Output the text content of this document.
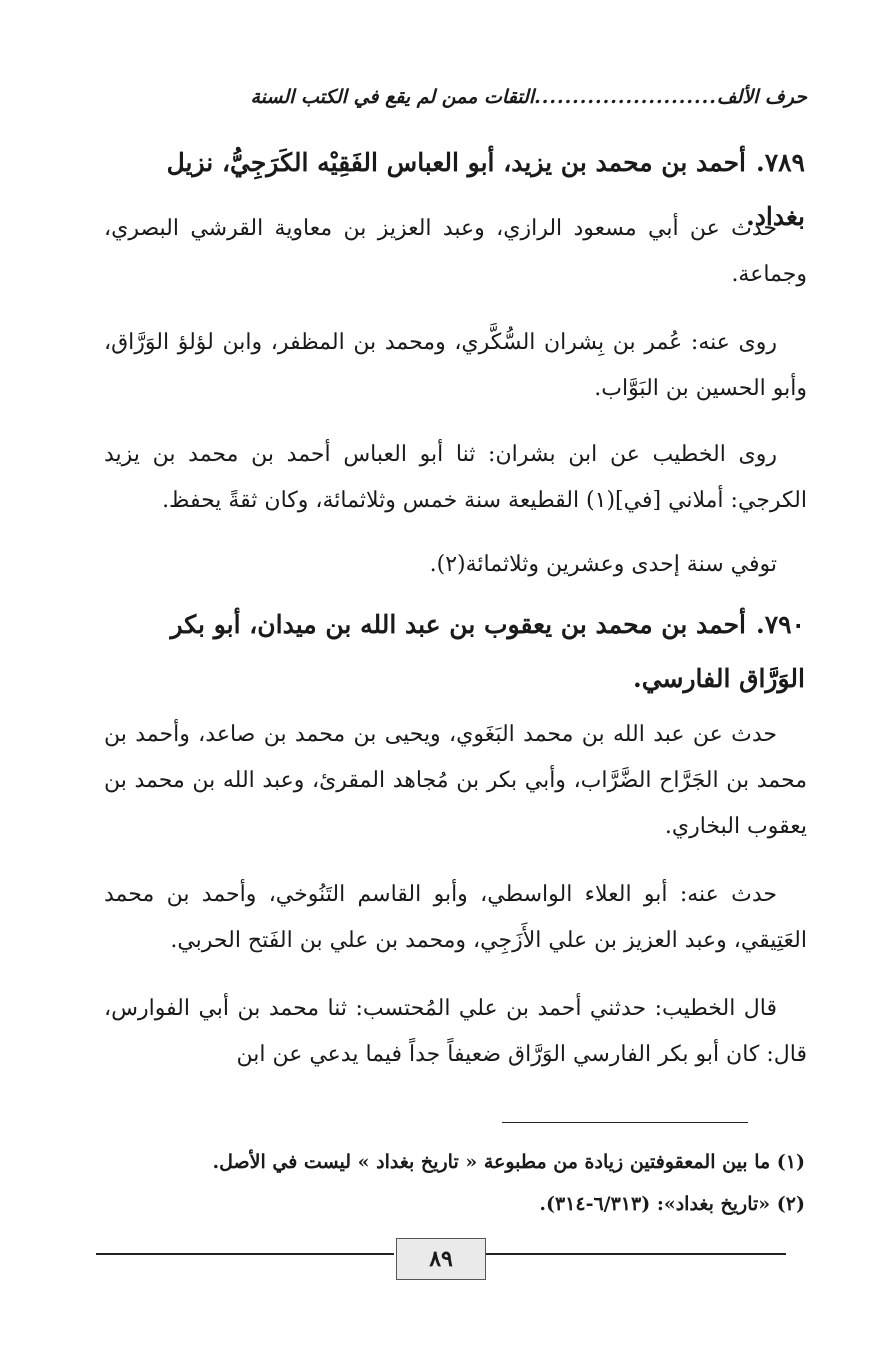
حرف الألف
........................
التقات ممن لم يقع في الكتب السنة
٧٨٩.أحمد بن محمد بن يزيد، أبو العباس الفَقِيْه الكَرَجِيُّ، نزيل بغداد.
حدث عن أبي مسعود الرازي، وعبد العزيز بن معاوية القرشي البصري، وجماعة.
روى عنه: عُمر بن بِشران السُّكَّري، ومحمد بن المظفر، وابن لؤلؤ الوَرَّاق، وأبو الحسين بن البَوَّاب.
روى الخطيب عن ابن بشران: ثنا أبو العباس أحمد بن محمد بن يزيد الكرجي: أملاني [في](١) القطيعة سنة خمس وثلاثمائة، وكان ثقةً يحفظ.
توفي سنة إحدى وعشرين وثلاثمائة(٢).
٧٩٠.أحمد بن محمد بن يعقوب بن عبد الله بن ميدان، أبو بكر الوَرَّاق الفارسي.
حدث عن عبد الله بن محمد البَغَوي، ويحيى بن محمد بن صاعد، وأحمد بن محمد بن الجَرَّاح الضَّرَّاب، وأبي بكر بن مُجاهد المقرئ، وعبد الله بن محمد بن يعقوب البخاري.
حدث عنه: أبو العلاء الواسطي، وأبو القاسم التَنُوخي، وأحمد بن محمد العَتِيقي، وعبد العزيز بن علي الأَزَجِي، ومحمد بن علي بن الفَتح الحربي.
قال الخطيب: حدثني أحمد بن علي المُحتسب: ثنا محمد بن أبي الفوارس، قال: كان أبو بكر الفارسي الوَرَّاق ضعيفاً جداً فيما يدعي عن ابن
(١) ما بين المعقوفتين زيادة من مطبوعة « تاريخ بغداد » ليست في الأصل.
(٢) «تاريخ بغداد»: (٦/٣١٣-٣١٤).
٨٩
